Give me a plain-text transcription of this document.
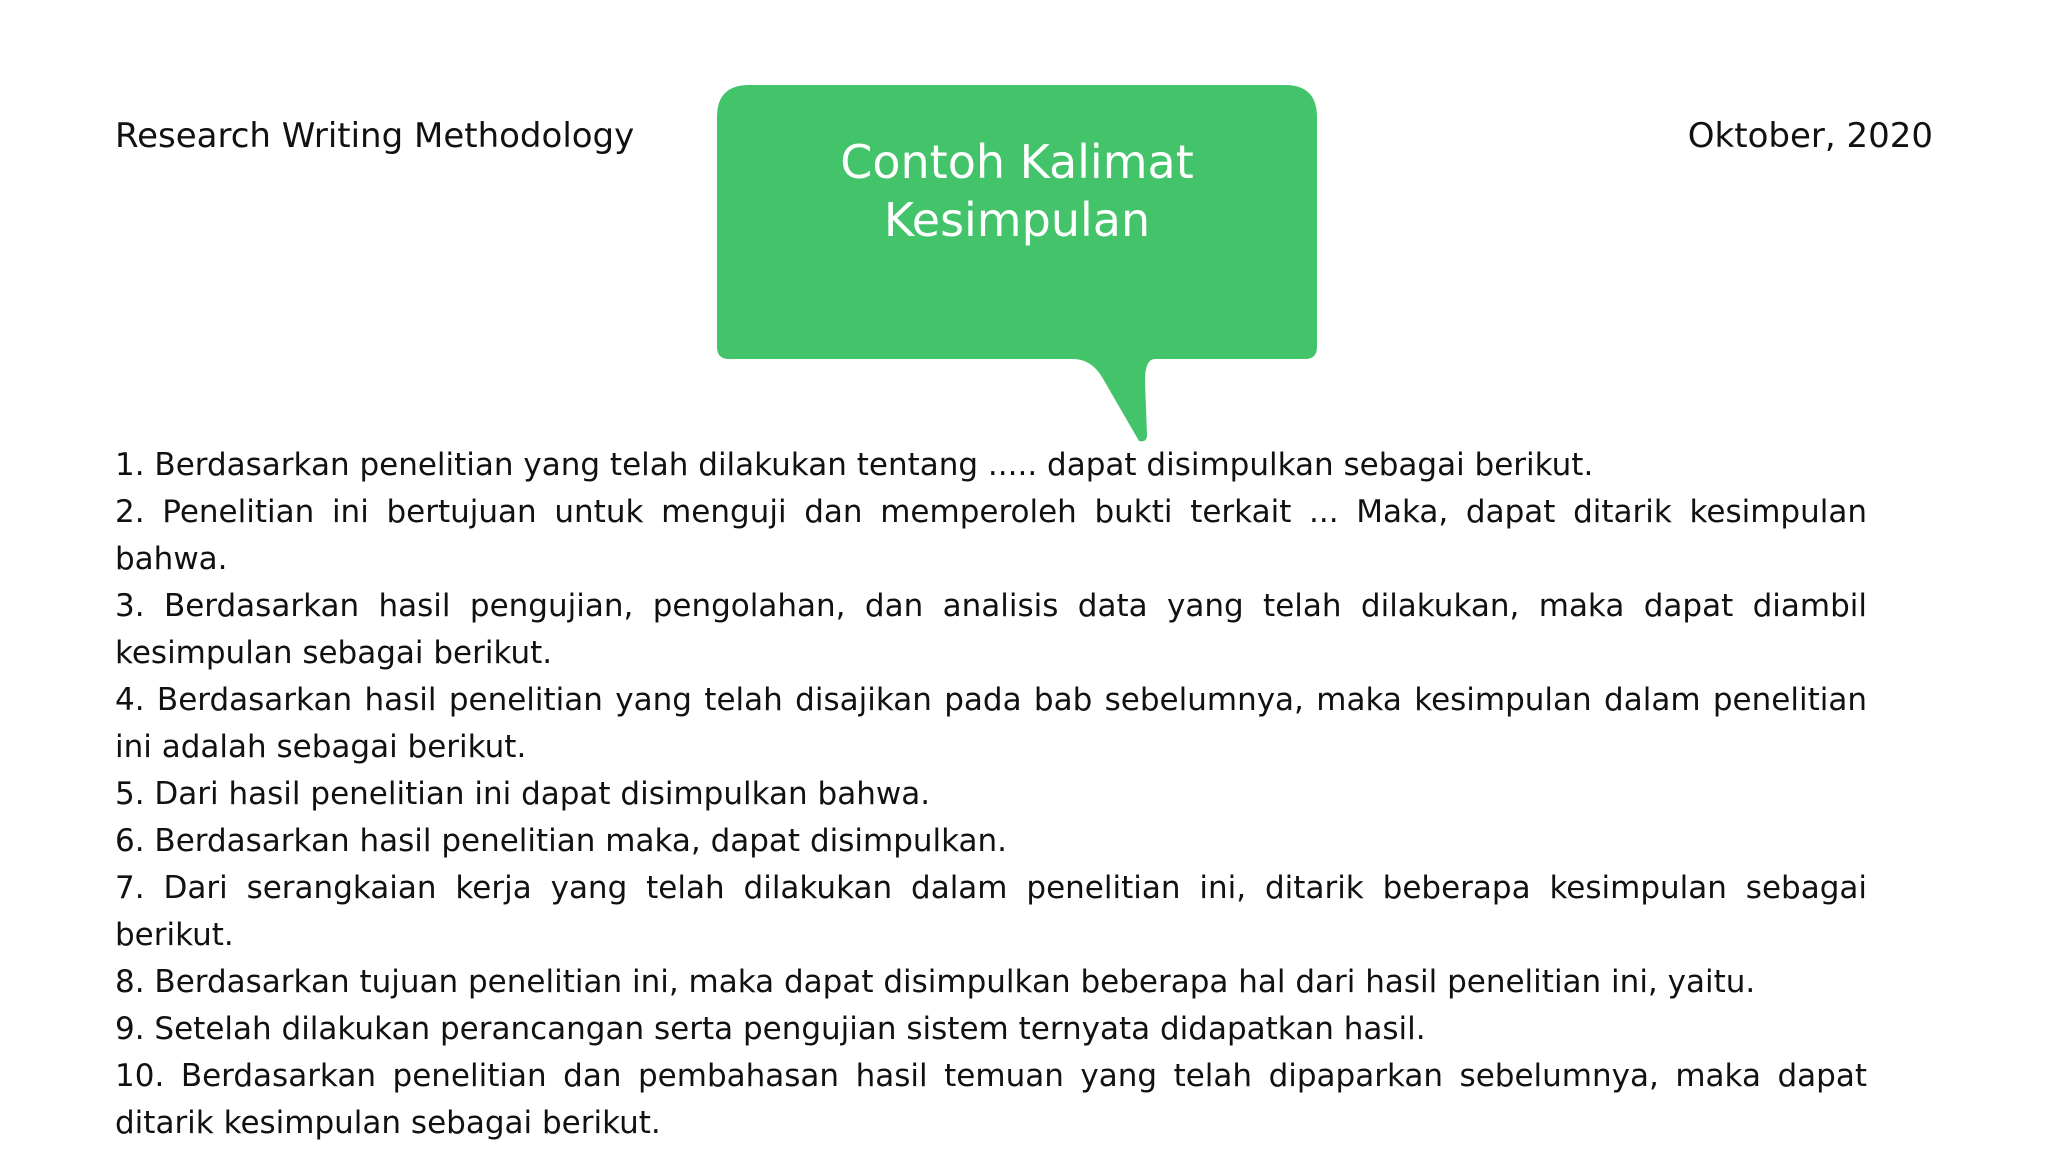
Research Writing Methodology	Oktober, 2020
Contoh Kalimat
Kesimpulan

1. Berdasarkan penelitian yang telah dilakukan tentang ..... dapat disimpulkan sebagai berikut.

2. Penelitian ini bertujuan untuk menguji dan memperoleh bukti terkait ... Maka, dapat ditarik kesimpulan bahwa.

3. Berdasarkan hasil pengujian, pengolahan, dan analisis data yang telah dilakukan, maka dapat diambil kesimpulan sebagai berikut.

4. Berdasarkan hasil penelitian yang telah disajikan pada bab sebelumnya, maka kesimpulan dalam penelitian ini adalah sebagai berikut.

5. Dari hasil penelitian ini dapat disimpulkan bahwa.

6. Berdasarkan hasil penelitian maka, dapat disimpulkan.

7. Dari serangkaian kerja yang telah dilakukan dalam penelitian ini, ditarik beberapa kesimpulan sebagai berikut.

8. Berdasarkan tujuan penelitian ini, maka dapat disimpulkan beberapa hal dari hasil penelitian ini, yaitu.

9. Setelah dilakukan perancangan serta pengujian sistem ternyata didapatkan hasil.

10. Berdasarkan penelitian dan pembahasan hasil temuan yang telah dipaparkan sebelumnya, maka dapat ditarik kesimpulan sebagai berikut.
